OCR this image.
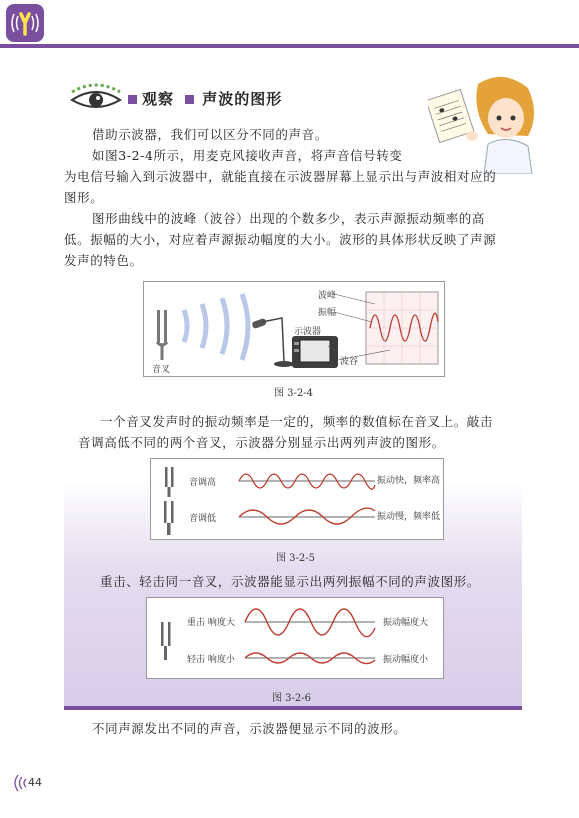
观察 声波的图形
借助示波器，我们可以区分不同的声音。
如图3-2-4所示，用麦克风接收声音，将声音信号转变
为电信号输入到示波器中，就能直接在示波器屏幕上显示出与声波相对应的
图形。
图形曲线中的波峰（波谷）出现的个数多少，表示声源振动频率的高
低。振幅的大小，对应着声源振动幅度的大小。波形的具体形状反映了声源
发声的特色。
波峰
振幅
示波器
波谷
音叉
图 3-2-4
一个音叉发声时的振动频率是一定的，频率的数值标在音叉上。敲击
音调高低不同的两个音叉，示波器分别显示出两列声波的图形。
音调高
音调低
振动快，频率高
振动慢，频率低
图 3-2-5
重击、轻击同一音叉，示波器能显示出两列振幅不同的声波图形。
重击 响度大
轻击 响度小
振动幅度大
振动幅度小
图 3-2-6
不同声源发出不同的声音，示波器便显示不同的波形。
44
